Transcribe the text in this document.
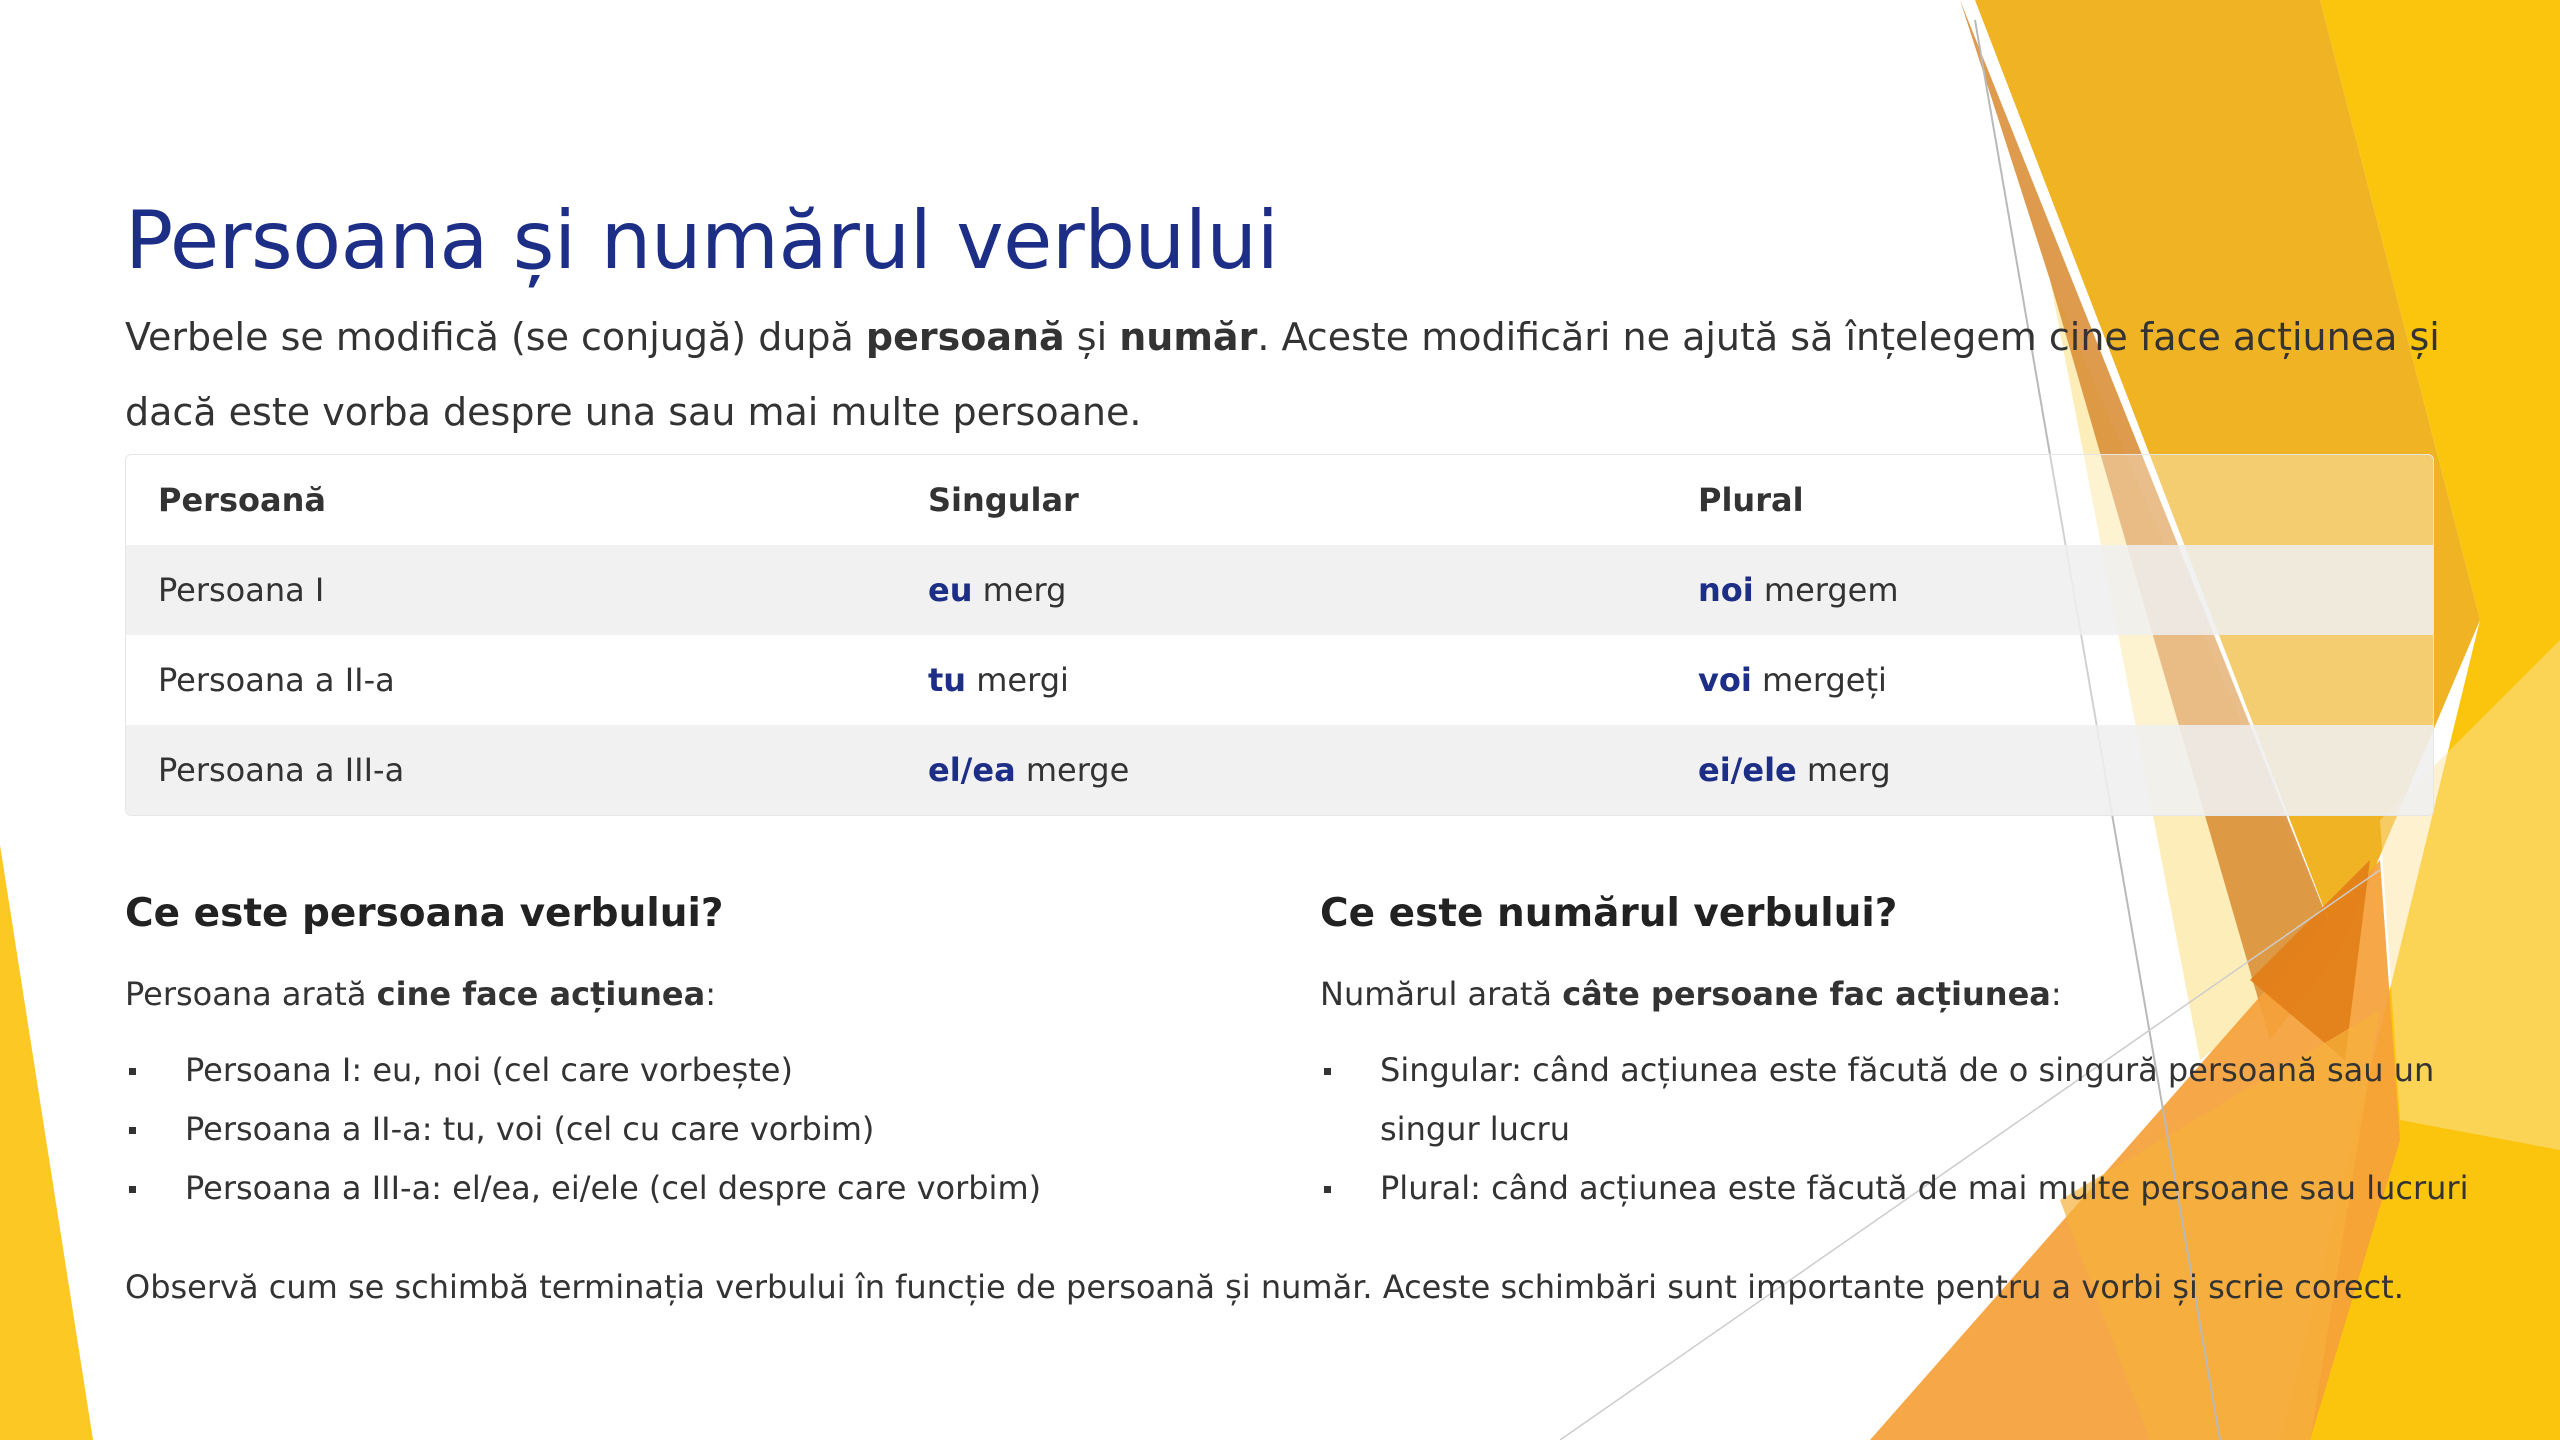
Persoana și numărul verbului
Verbele se modifică (se conjugă) după persoană și număr. Aceste modificări ne ajută să înțelegem cine face acțiunea și dacă este vorba despre una sau mai multe persoane.
Persoană	Singular	Plural
Persoana I	eu merg	noi mergem
Persoana a II-a	tu mergi	voi mergeți
Persoana a III-a	el/ea merge	ei/ele merg
Ce este persoana verbului?
Persoana arată cine face acțiunea:
Persoana I: eu, noi (cel care vorbește)
Persoana a II-a: tu, voi (cel cu care vorbim)
Persoana a III-a: el/ea, ei/ele (cel despre care vorbim)
Ce este numărul verbului?
Numărul arată câte persoane fac acțiunea:
Singular: când acțiunea este făcută de o singură persoană sau un singur lucru
Plural: când acțiunea este făcută de mai multe persoane sau lucruri
Observă cum se schimbă terminația verbului în funcție de persoană și număr. Aceste schimbări sunt importante pentru a vorbi și scrie corect.
